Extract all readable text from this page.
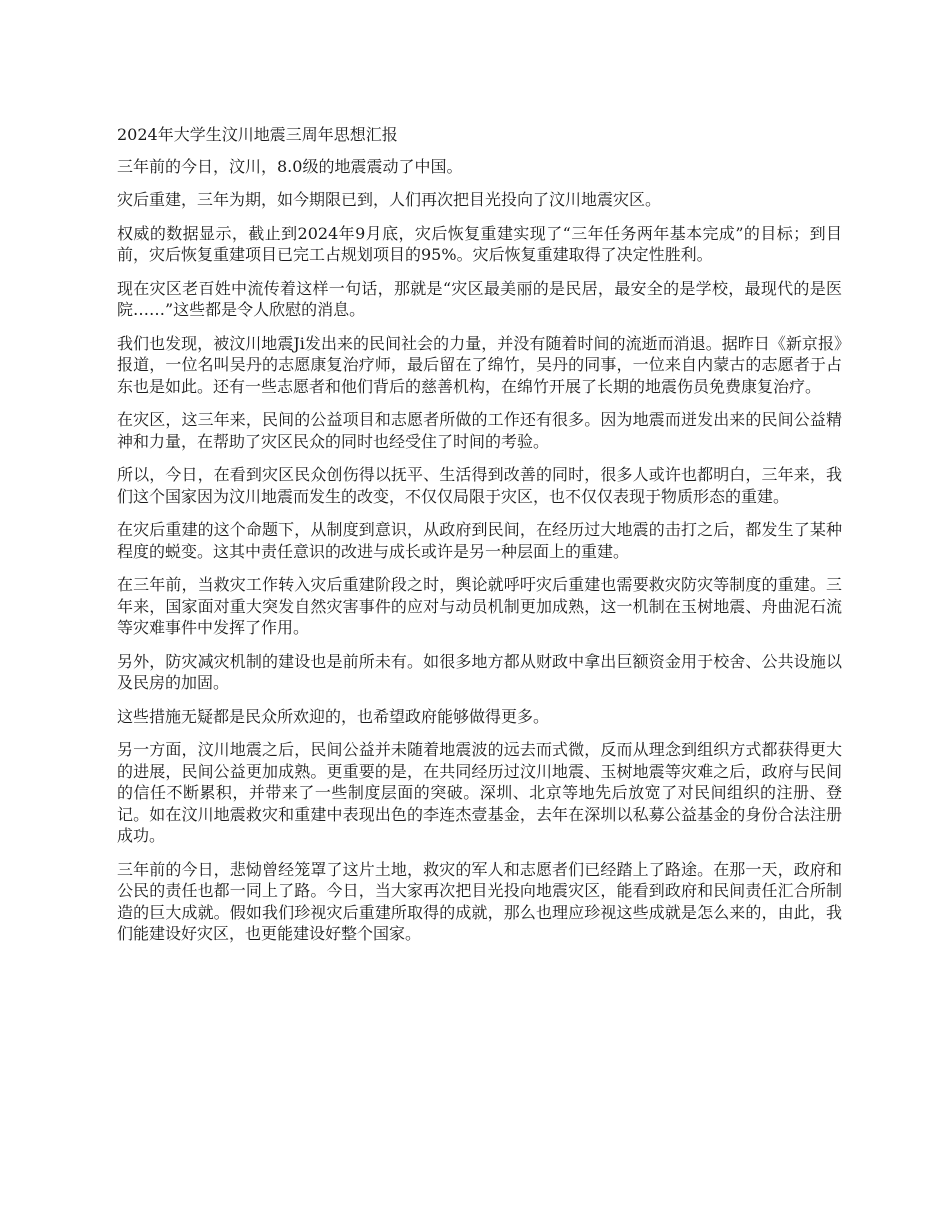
2024年大学生汶川地震三周年思想汇报

三年前的今日，汶川，8.0级的地震震动了中国。

灾后重建，三年为期，如今期限已到，人们再次把目光投向了汶川地震灾区。

权威的数据显示，截止到2024年9月底，灾后恢复重建实现了“三年任务两年基本完成”的目标；到目前，灾后恢复重建项目已完工占规划项目的95%。灾后恢复重建取得了决定性胜利。

现在灾区老百姓中流传着这样一句话，那就是“灾区最美丽的是民居，最安全的是学校，最现代的是医院……”这些都是令人欣慰的消息。

我们也发现，被汶川地震Ji发出来的民间社会的力量，并没有随着时间的流逝而消退。据昨日《新京报》报道，一位名叫吴丹的志愿康复治疗师，最后留在了绵竹，吴丹的同事，一位来自内蒙古的志愿者于占东也是如此。还有一些志愿者和他们背后的慈善机构，在绵竹开展了长期的地震伤员免费康复治疗。

在灾区，这三年来，民间的公益项目和志愿者所做的工作还有很多。因为地震而迸发出来的民间公益精神和力量，在帮助了灾区民众的同时也经受住了时间的考验。

所以，今日，在看到灾区民众创伤得以抚平、生活得到改善的同时，很多人或许也都明白，三年来，我们这个国家因为汶川地震而发生的改变，不仅仅局限于灾区，也不仅仅表现于物质形态的重建。

在灾后重建的这个命题下，从制度到意识，从政府到民间，在经历过大地震的击打之后，都发生了某种程度的蜕变。这其中责任意识的改进与成长或许是另一种层面上的重建。

在三年前，当救灾工作转入灾后重建阶段之时，舆论就呼吁灾后重建也需要救灾防灾等制度的重建。三年来，国家面对重大突发自然灾害事件的应对与动员机制更加成熟，这一机制在玉树地震、舟曲泥石流等灾难事件中发挥了作用。

另外，防灾减灾机制的建设也是前所未有。如很多地方都从财政中拿出巨额资金用于校舍、公共设施以及民房的加固。

这些措施无疑都是民众所欢迎的，也希望政府能够做得更多。

另一方面，汶川地震之后，民间公益并未随着地震波的远去而式微，反而从理念到组织方式都获得更大的进展，民间公益更加成熟。更重要的是，在共同经历过汶川地震、玉树地震等灾难之后，政府与民间的信任不断累积，并带来了一些制度层面的突破。深圳、北京等地先后放宽了对民间组织的注册、登记。如在汶川地震救灾和重建中表现出色的李连杰壹基金，去年在深圳以私募公益基金的身份合法注册成功。

三年前的今日，悲恸曾经笼罩了这片土地，救灾的军人和志愿者们已经踏上了路途。在那一天，政府和公民的责任也都一同上了路。今日，当大家再次把目光投向地震灾区，能看到政府和民间责任汇合所制造的巨大成就。假如我们珍视灾后重建所取得的成就，那么也理应珍视这些成就是怎么来的，由此，我们能建设好灾区，也更能建设好整个国家。
